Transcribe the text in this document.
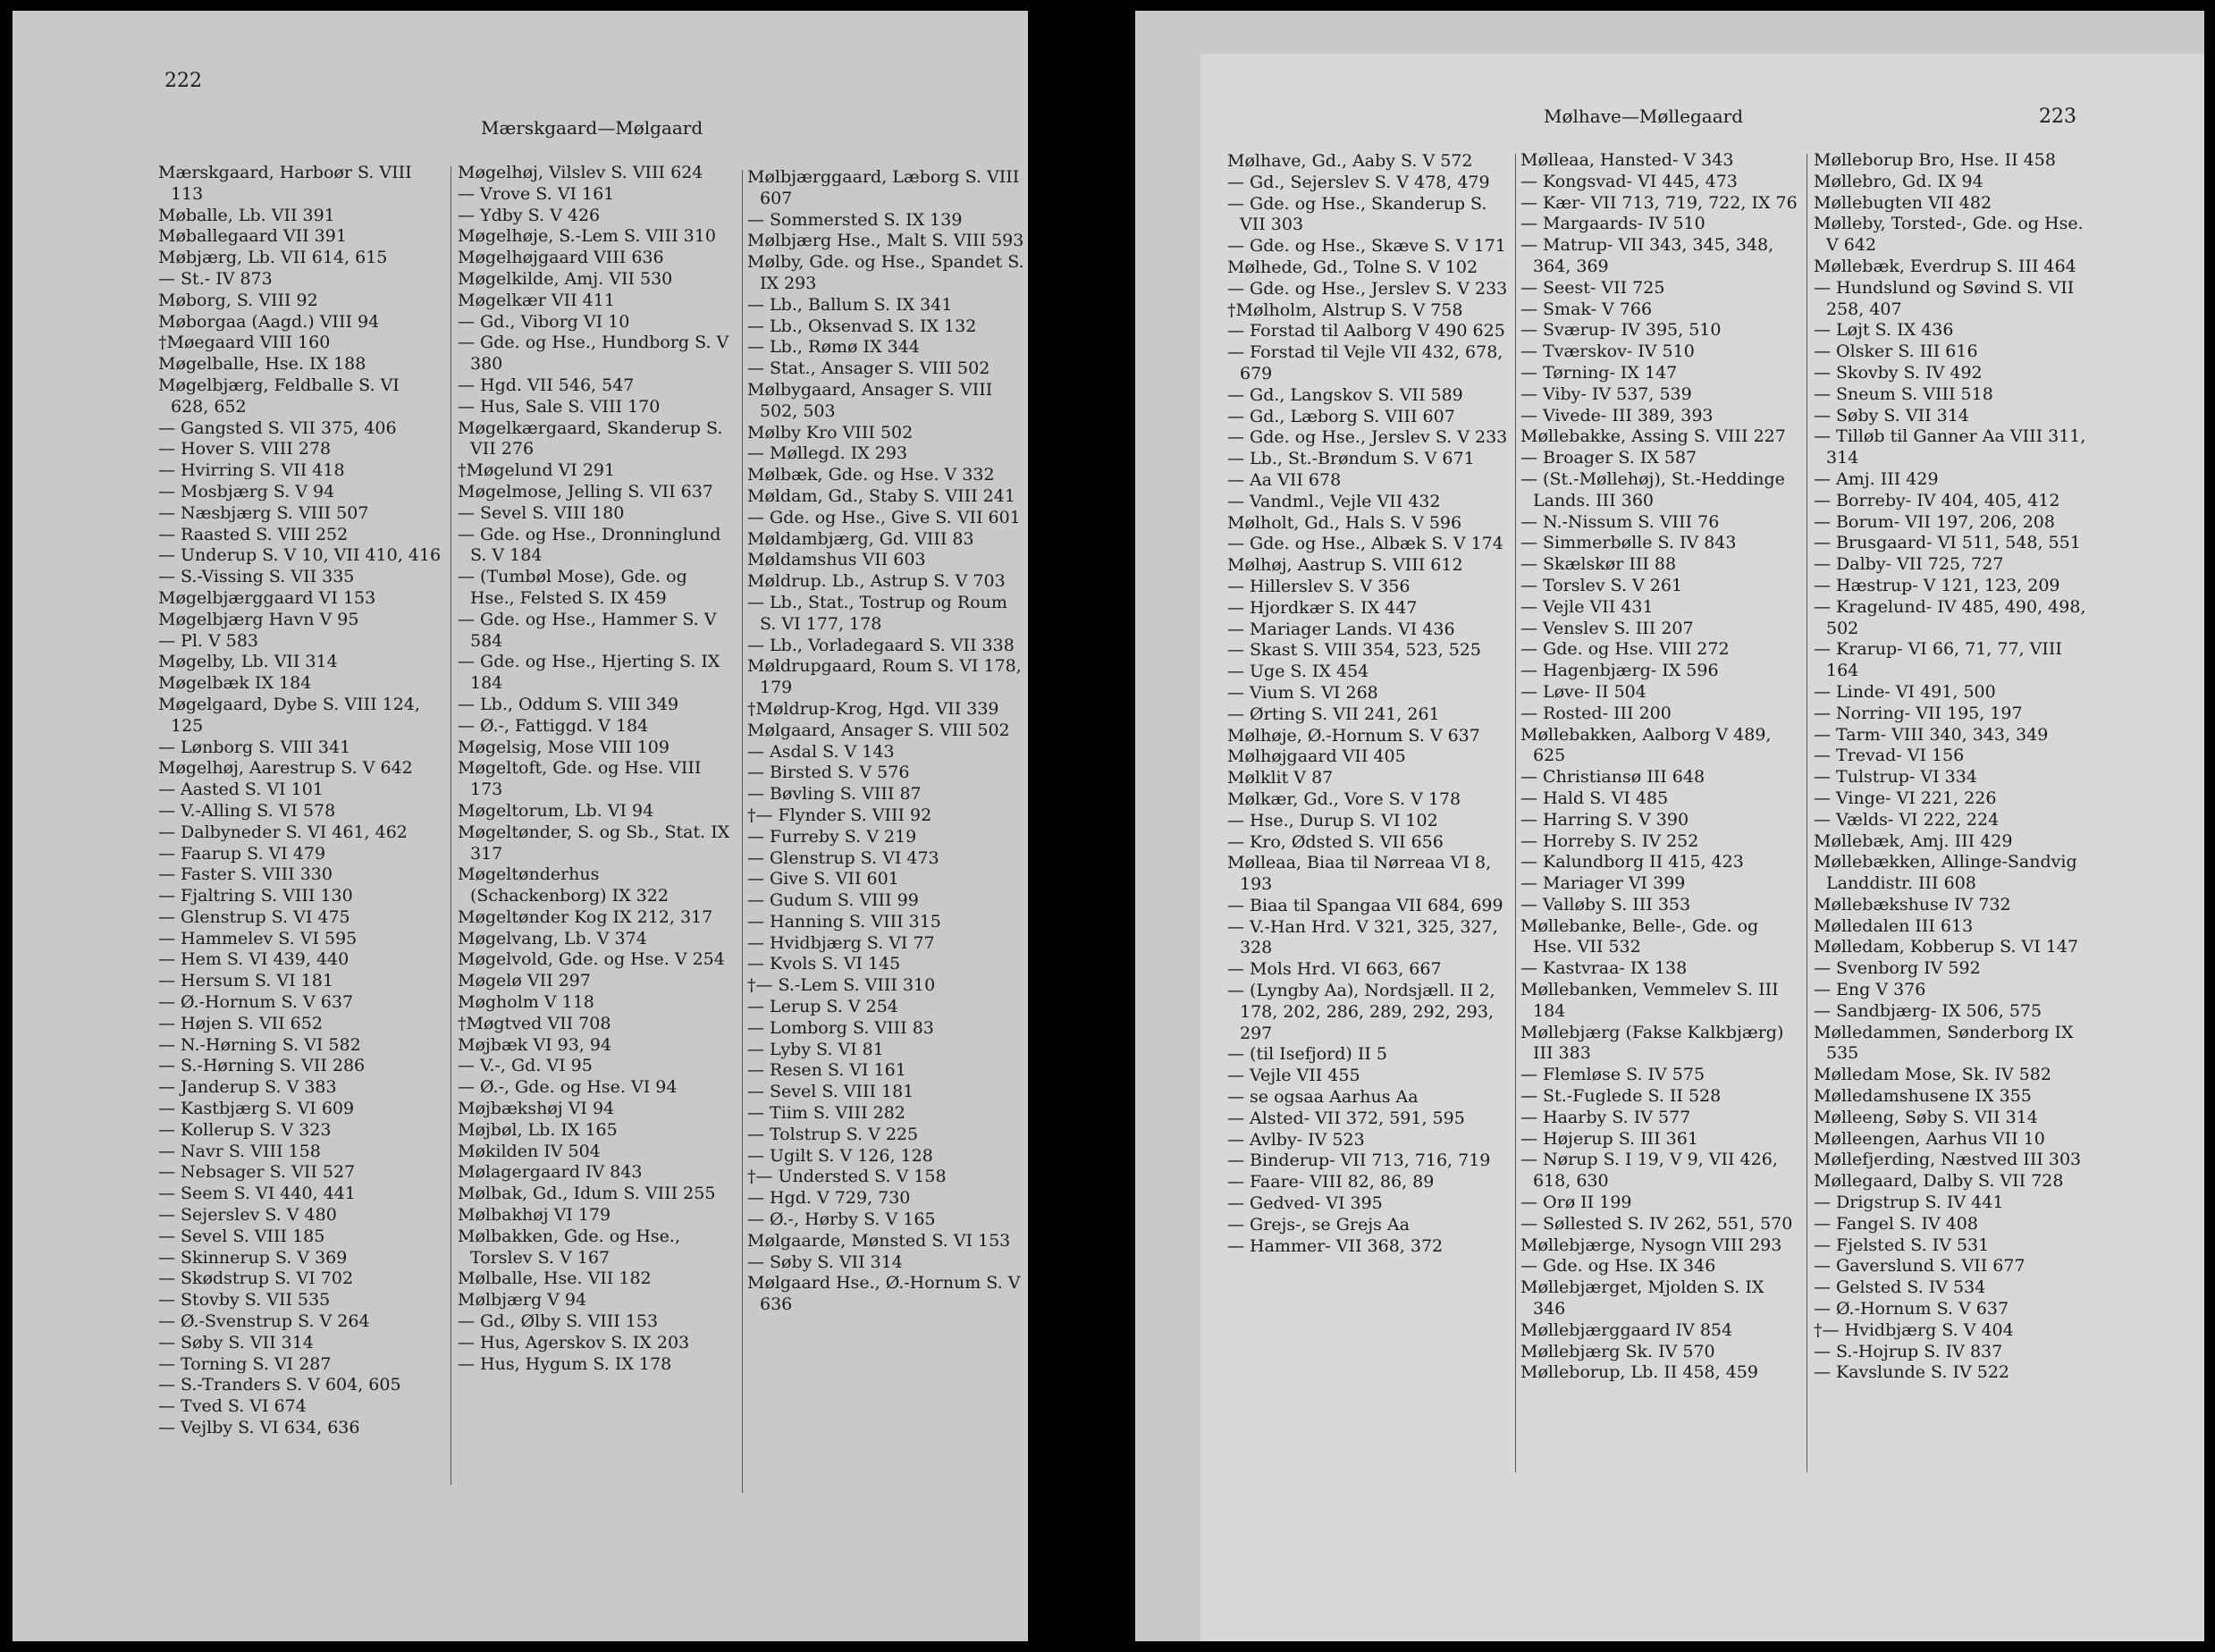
222
Mærskgaard—Mølgaard
Mærskgaard, Harboør S. VIII 113
Møballe, Lb. VII 391
Møballegaard VII 391
Møbjærg, Lb. VII 614, 615
— St.- IV 873
Møborg, S. VIII 92
Møborgaa (Aagd.) VIII 94
†Møegaard VIII 160
Møgelballe, Hse. IX 188
Møgelbjærg, Feldballe S. VI 628, 652
— Gangsted S. VII 375, 406
— Hover S. VIII 278
— Hvirring S. VII 418
— Mosbjærg S. V 94
— Næsbjærg S. VIII 507
— Raasted S. VIII 252
— Underup S. V 10, VII 410, 416
— S.-Vissing S. VII 335
Møgelbjærggaard VI 153
Møgelbjærg Havn V 95
— Pl. V 583
Møgelby, Lb. VII 314
Møgelbæk IX 184
Møgelgaard, Dybe S. VIII 124, 125
— Lønborg S. VIII 341
Møgelhøj, Aarestrup S. V 642
— Aasted S. VI 101
— V.-Alling S. VI 578
— Dalbyneder S. VI 461, 462
— Faarup S. VI 479
— Faster S. VIII 330
— Fjaltring S. VIII 130
— Glenstrup S. VI 475
— Hammelev S. VI 595
— Hem S. VI 439, 440
— Hersum S. VI 181
— Ø.-Hornum S. V 637
— Højen S. VII 652
— N.-Hørning S. VI 582
— S.-Hørning S. VII 286
— Janderup S. V 383
— Kastbjærg S. VI 609
— Kollerup S. V 323
— Navr S. VIII 158
— Nebsager S. VII 527
— Seem S. VI 440, 441
— Sejerslev S. V 480
— Sevel S. VIII 185
— Skinnerup S. V 369
— Skødstrup S. VI 702
— Stovby S. VII 535
— Ø.-Svenstrup S. V 264
— Søby S. VII 314
— Torning S. VI 287
— S.-Tranders S. V 604, 605
— Tved S. VI 674
— Vejlby S. VI 634, 636
Møgelhøj, Vilslev S. VIII 624
— Vrove S. VI 161
— Ydby S. V 426
Møgelhøje, S.-Lem S. VIII 310
Møgelhøjgaard VIII 636
Møgelkilde, Amj. VII 530
Møgelkær VII 411
— Gd., Viborg VI 10
— Gde. og Hse., Hundborg S. V 380
— Hgd. VII 546, 547
— Hus, Sale S. VIII 170
Møgelkærgaard, Skanderup S. VII 276
†Møgelund VI 291
Møgelmose, Jelling S. VII 637
— Sevel S. VIII 180
— Gde. og Hse., Dronninglund S. V 184
— (Tumbøl Mose), Gde. og Hse., Felsted S. IX 459
— Gde. og Hse., Hammer S. V 584
— Gde. og Hse., Hjerting S. IX 184
— Lb., Oddum S. VIII 349
— Ø.-, Fattiggd. V 184
Møgelsig, Mose VIII 109
Møgeltoft, Gde. og Hse. VIII 173
Møgeltorum, Lb. VI 94
Møgeltønder, S. og Sb., Stat. IX 317
Møgeltønderhus (Schackenborg) IX 322
Møgeltønder Kog IX 212, 317
Møgelvang, Lb. V 374
Møgelvold, Gde. og Hse. V 254
Møgelø VII 297
Møgholm V 118
†Møgtved VII 708
Møjbæk VI 93, 94
— V.-, Gd. VI 95
— Ø.-, Gde. og Hse. VI 94
Møjbækshøj VI 94
Møjbøl, Lb. IX 165
Møkilden IV 504
Mølagergaard IV 843
Mølbak, Gd., Idum S. VIII 255
Mølbakhøj VI 179
Mølbakken, Gde. og Hse., Torslev S. V 167
Mølballe, Hse. VII 182
Mølbjærg V 94
— Gd., Ølby S. VIII 153
— Hus, Agerskov S. IX 203
— Hus, Hygum S. IX 178
Mølbjærggaard, Læborg S. VIII 607
— Sommersted S. IX 139
Mølbjærg Hse., Malt S. VIII 593
Mølby, Gde. og Hse., Spandet S. IX 293
— Lb., Ballum S. IX 341
— Lb., Oksenvad S. IX 132
— Lb., Rømø IX 344
— Stat., Ansager S. VIII 502
Mølbygaard, Ansager S. VIII 502, 503
Mølby Kro VIII 502
— Møllegd. IX 293
Mølbæk, Gde. og Hse. V 332
Møldam, Gd., Staby S. VIII 241
— Gde. og Hse., Give S. VII 601
Møldambjærg, Gd. VIII 83
Møldamshus VII 603
Møldrup. Lb., Astrup S. V 703
— Lb., Stat., Tostrup og Roum S. VI 177, 178
— Lb., Vorladegaard S. VII 338
Møldrupgaard, Roum S. VI 178, 179
†Møldrup-Krog, Hgd. VII 339
Mølgaard, Ansager S. VIII 502
— Asdal S. V 143
— Birsted S. V 576
— Bøvling S. VIII 87
†— Flynder S. VIII 92
— Furreby S. V 219
— Glenstrup S. VI 473
— Give S. VII 601
— Gudum S. VIII 99
— Hanning S. VIII 315
— Hvidbjærg S. VI 77
— Kvols S. VI 145
†— S.-Lem S. VIII 310
— Lerup S. V 254
— Lomborg S. VIII 83
— Lyby S. VI 81
— Resen S. VI 161
— Sevel S. VIII 181
— Tiim S. VIII 282
— Tolstrup S. V 225
— Ugilt S. V 126, 128
†— Understed S. V 158
— Hgd. V 729, 730
— Ø.-, Hørby S. V 165
Mølgaarde, Mønsted S. VI 153
— Søby S. VII 314
Mølgaard Hse., Ø.-Hornum S. V 636
Mølhave—Møllegaard	223
Mølhave, Gd., Aaby S. V 572
— Gd., Sejerslev S. V 478, 479
— Gde. og Hse., Skanderup S. VII 303
— Gde. og Hse., Skæve S. V 171
Mølhede, Gd., Tolne S. V 102
— Gde. og Hse., Jerslev S. V 233
†Mølholm, Alstrup S. V 758
— Forstad til Aalborg V 490 625
— Forstad til Vejle VII 432, 678, 679
— Gd., Langskov S. VII 589
— Gd., Læborg S. VIII 607
— Gde. og Hse., Jerslev S. V 233
— Lb., St.-Brøndum S. V 671
— Aa VII 678
— Vandml., Vejle VII 432
Mølholt, Gd., Hals S. V 596
— Gde. og Hse., Albæk S. V 174
Mølhøj, Aastrup S. VIII 612
— Hillerslev S. V 356
— Hjordkær S. IX 447
— Mariager Lands. VI 436
— Skast S. VIII 354, 523, 525
— Uge S. IX 454
— Vium S. VI 268
— Ørting S. VII 241, 261
Mølhøje, Ø.-Hornum S. V 637
Mølhøjgaard VII 405
Mølklit V 87
Mølkær, Gd., Vore S. V 178
— Hse., Durup S. VI 102
— Kro, Ødsted S. VII 656
Mølleaa, Biaa til Nørreaa VI 8, 193
— Biaa til Spangaa VII 684, 699
— V.-Han Hrd. V 321, 325, 327, 328
— Mols Hrd. VI 663, 667
— (Lyngby Aa), Nordsjæll. II 2, 178, 202, 286, 289, 292, 293, 297
— (til Isefjord) II 5
— Vejle VII 455
— se ogsaa Aarhus Aa
— Alsted- VII 372, 591, 595
— Avlby- IV 523
— Binderup- VII 713, 716, 719
— Faare- VIII 82, 86, 89
— Gedved- VI 395
— Grejs-, se Grejs Aa
— Hammer- VII 368, 372
Mølleaa, Hansted- V 343
— Kongsvad- VI 445, 473
— Kær- VII 713, 719, 722, IX 76
— Margaards- IV 510
— Matrup- VII 343, 345, 348, 364, 369
— Seest- VII 725
— Smak- V 766
— Sværup- IV 395, 510
— Tværskov- IV 510
— Tørning- IX 147
— Viby- IV 537, 539
— Vivede- III 389, 393
Møllebakke, Assing S. VIII 227
— Broager S. IX 587
— (St.-Møllehøj), St.-Heddinge Lands. III 360
— N.-Nissum S. VIII 76
— Simmerbølle S. IV 843
— Skælskør III 88
— Torslev S. V 261
— Vejle VII 431
— Venslev S. III 207
— Gde. og Hse. VIII 272
— Hagenbjærg- IX 596
— Løve- II 504
— Rosted- III 200
Møllebakken, Aalborg V 489, 625
— Christiansø III 648
— Hald S. VI 485
— Harring S. V 390
— Horreby S. IV 252
— Kalundborg II 415, 423
— Mariager VI 399
— Valløby S. III 353
Møllebanke, Belle-, Gde. og Hse. VII 532
— Kastvraa- IX 138
Møllebanken, Vemmelev S. III 184
Møllebjærg (Fakse Kalkbjærg) III 383
— Flemløse S. IV 575
— St.-Fuglede S. II 528
— Haarby S. IV 577
— Højerup S. III 361
— Nørup S. I 19, V 9, VII 426, 618, 630
— Orø II 199
— Søllested S. IV 262, 551, 570
Møllebjærge, Nysogn VIII 293
— Gde. og Hse. IX 346
Møllebjærget, Mjolden S. IX 346
Møllebjærggaard IV 854
Møllebjærg Sk. IV 570
Mølleborup, Lb. II 458, 459
Mølleborup Bro, Hse. II 458
Møllebro, Gd. IX 94
Møllebugten VII 482
Mølleby, Torsted-, Gde. og Hse. V 642
Møllebæk, Everdrup S. III 464
— Hundslund og Søvind S. VII 258, 407
— Løjt S. IX 436
— Olsker S. III 616
— Skovby S. IV 492
— Sneum S. VIII 518
— Søby S. VII 314
— Tilløb til Ganner Aa VIII 311, 314
— Amj. III 429
— Borreby- IV 404, 405, 412
— Borum- VII 197, 206, 208
— Brusgaard- VI 511, 548, 551
— Dalby- VII 725, 727
— Hæstrup- V 121, 123, 209
— Kragelund- IV 485, 490, 498, 502
— Krarup- VI 66, 71, 77, VIII 164
— Linde- VI 491, 500
— Norring- VII 195, 197
— Tarm- VIII 340, 343, 349
— Trevad- VI 156
— Tulstrup- VI 334
— Vinge- VI 221, 226
— Vælds- VI 222, 224
Møllebæk, Amj. III 429
Møllebækken, Allinge-Sandvig Landdistr. III 608
Møllebækshuse IV 732
Mølledalen III 613
Mølledam, Kobberup S. VI 147
— Svenborg IV 592
— Eng V 376
— Sandbjærg- IX 506, 575
Mølledammen, Sønderborg IX 535
Mølledam Mose, Sk. IV 582
Mølledamshusene IX 355
Mølleeng, Søby S. VII 314
Mølleengen, Aarhus VII 10
Møllefjerding, Næstved III 303
Møllegaard, Dalby S. VII 728
— Drigstrup S. IV 441
— Fangel S. IV 408
— Fjelsted S. IV 531
— Gaverslund S. VII 677
— Gelsted S. IV 534
— Ø.-Hornum S. V 637
†— Hvidbjærg S. V 404
— S.-Hojrup S. IV 837
— Kavslunde S. IV 522
